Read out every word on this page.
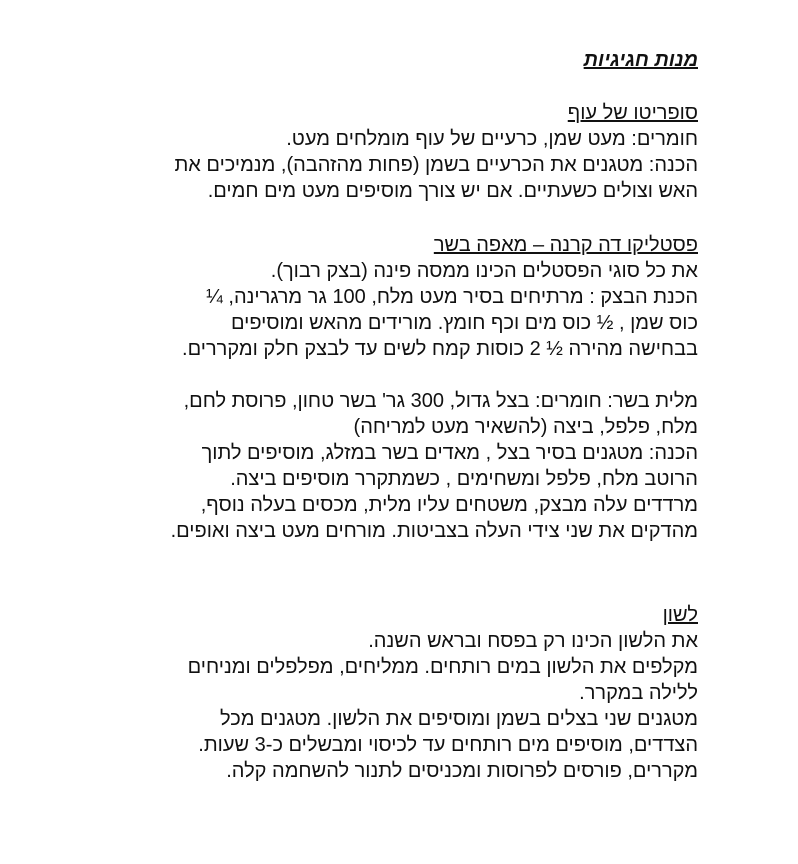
מנות חגיגיות
סופריטו של עוף
חומרים: מעט שמן, כרעיים של עוף מומלחים מעט.
הכנה: מטגנים את הכרעיים בשמן (פחות מהזהבה), מנמיכים את
האש וצולים כשעתיים. אם יש צורך מוסיפים מעט מים חמים.
פסטליקו דה קרנה – מאפה בשר
את כל סוגי הפסטלים הכינו ממסה פינה (בצק רבוך).
הכנת הבצק : מרתיחים בסיר מעט מלח, 100 גר מרגרינה, ¼
כוס שמן , ½ כוס מים וכף חומץ. מורידים מהאש ומוסיפים
בבחישה מהירה ½ 2 כוסות קמח לשים עד לבצק חלק ומקררים.
מלית בשר: חומרים: בצל גדול, 300 גר' בשר טחון, פרוסת לחם,
מלח, פלפל, ביצה (להשאיר מעט למריחה)
הכנה: מטגנים בסיר בצל , מאדים בשר במזלג, מוסיפים לתוך
הרוטב מלח, פלפל ומשחימים , כשמתקרר מוסיפים ביצה.
מרדדים עלה מבצק, משטחים עליו מלית, מכסים בעלה נוסף,
מהדקים את שני צידי העלה בצביטות. מורחים מעט ביצה ואופים.
לשון
את הלשון הכינו רק בפסח ובראש השנה.
מקלפים את הלשון במים רותחים. ממליחים, מפלפלים ומניחים
ללילה במקרר.
מטגנים שני בצלים בשמן ומוסיפים את הלשון. מטגנים מכל
הצדדים, מוסיפים מים רותחים עד לכיסוי ומבשלים כ-3 שעות.
מקררים, פורסים לפרוסות ומכניסים לתנור להשחמה קלה.
